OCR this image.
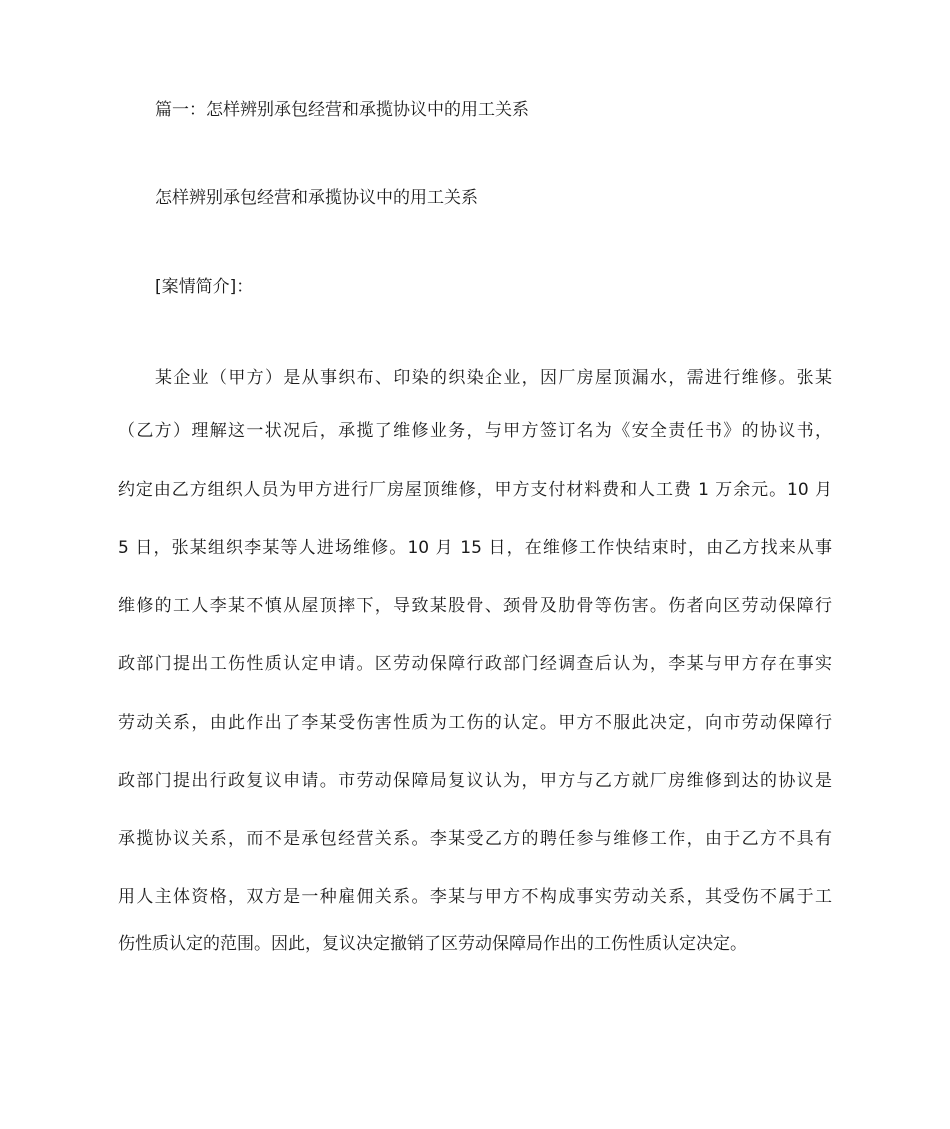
篇一：怎样辨别承包经营和承揽协议中的用工关系
怎样辨别承包经营和承揽协议中的用工关系
[案情简介]：
某企业（甲方）是从事织布、印染的织染企业，因厂房屋顶漏水，需进行维修。张某
（乙方）理解这一状况后，承揽了维修业务，与甲方签订名为《安全责任书》的协议书，
约定由乙方组织人员为甲方进行厂房屋顶维修，甲方支付材料费和人工费 1 万余元。10 月
5 日，张某组织李某等人进场维修。10 月 15 日，在维修工作快结束时，由乙方找来从事
维修的工人李某不慎从屋顶摔下，导致某股骨、颈骨及肋骨等伤害。伤者向区劳动保障行
政部门提出工伤性质认定申请。区劳动保障行政部门经调查后认为，李某与甲方存在事实
劳动关系，由此作出了李某受伤害性质为工伤的认定。甲方不服此决定，向市劳动保障行
政部门提出行政复议申请。市劳动保障局复议认为，甲方与乙方就厂房维修到达的协议是
承揽协议关系，而不是承包经营关系。李某受乙方的聘任参与维修工作，由于乙方不具有
用人主体资格，双方是一种雇佣关系。李某与甲方不构成事实劳动关系，其受伤不属于工
伤性质认定的范围。因此，复议决定撤销了区劳动保障局作出的工伤性质认定决定。
